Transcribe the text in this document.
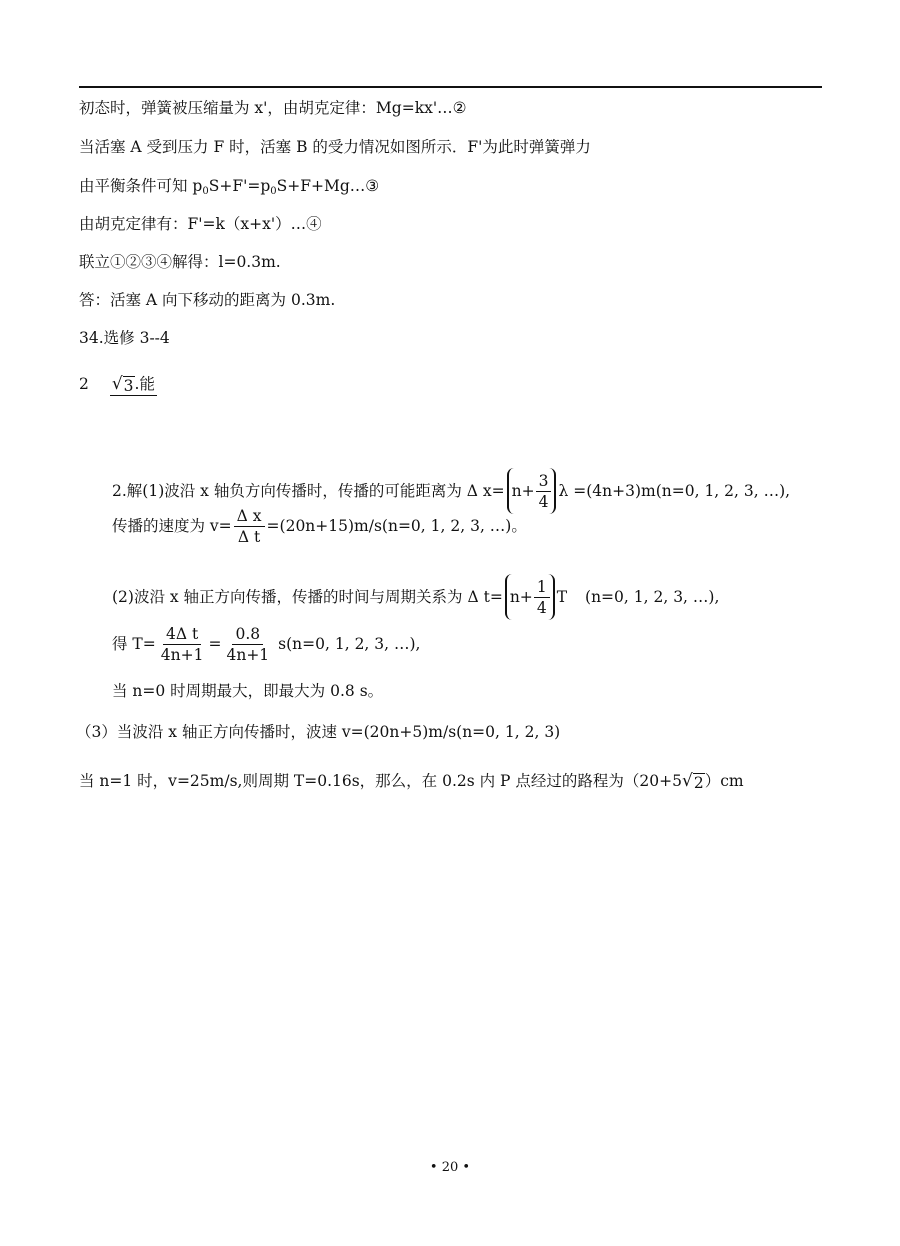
初态时，弹簧被压缩量为 x'，由胡克定律：Mg=kx'…②
当活塞 A 受到压力 F 时，活塞 B 的受力情况如图所示．F'为此时弹簧弹力
由平衡条件可知 $p_0S+F'=p_0S+F+Mg\dots ③$
由胡克定律有：F'=k（x+x'）…④
联立①②③④解得：l=0.3m.
答：活塞 A 向下移动的距离为 0.3m.
34.选修 3--4
2 √ 3 .能
2.解(1)波沿 x 轴负方向传播时，传播的可能距离为 Δ $x= n+ \frac{3}{4}$ λ =(4n+3)m(n=0, 1, 2, 3, …),
传播的速度为 $v= \frac{\text{Δ x}}{\text{Δ t}} =(20n+15)m/s(n=0$, 1, 2, 3, …)。
(2)波沿 x 轴正方向传播，传播的时间与周期关系为 Δ $t= n+ \frac{1}{4}$ T (n=0, 1, 2, 3, …),
得 $T= \frac{\text{4Δ t}}{4n+1} = \frac{0.8}{4n+1} s(n=0$, 1, 2, 3, …),
当 n=0 时周期最大，即最大为 0.8 s。
（3）当波沿 x 轴正方向传播时，波速 v=(20n+5)m/s(n=0, 1, 2, 3)
当 n=1 时，v=25m/s,则周期 T=0.16s，那么，在 0.2s 内 P 点经过的路程为（20+5 √ 2 ）cm
• 20 •
